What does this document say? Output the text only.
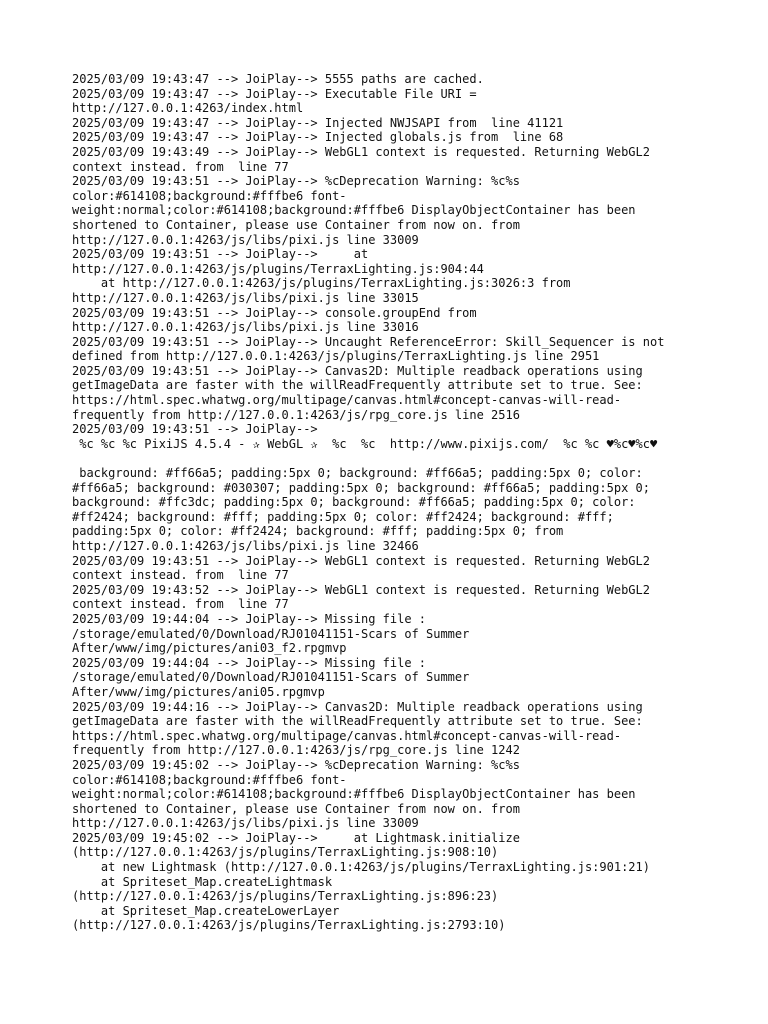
2025/03/09 19:43:47 --> JoiPlay--> 5555 paths are cached.
2025/03/09 19:43:47 --> JoiPlay--> Executable File URI =
http://127.0.0.1:4263/index.html
2025/03/09 19:43:47 --> JoiPlay--> Injected NWJSAPI from  line 41121
2025/03/09 19:43:47 --> JoiPlay--> Injected globals.js from  line 68
2025/03/09 19:43:49 --> JoiPlay--> WebGL1 context is requested. Returning WebGL2
context instead. from  line 77
2025/03/09 19:43:51 --> JoiPlay--> %cDeprecation Warning: %c%s
color:#614108;background:#fffbe6 font-
weight:normal;color:#614108;background:#fffbe6 DisplayObjectContainer has been
shortened to Container, please use Container from now on. from
http://127.0.0.1:4263/js/libs/pixi.js line 33009
2025/03/09 19:43:51 --> JoiPlay-->     at
http://127.0.0.1:4263/js/plugins/TerraxLighting.js:904:44
at http://127.0.0.1:4263/js/plugins/TerraxLighting.js:3026:3 from
http://127.0.0.1:4263/js/libs/pixi.js line 33015
2025/03/09 19:43:51 --> JoiPlay--> console.groupEnd from
http://127.0.0.1:4263/js/libs/pixi.js line 33016
2025/03/09 19:43:51 --> JoiPlay--> Uncaught ReferenceError: Skill_Sequencer is not
defined from http://127.0.0.1:4263/js/plugins/TerraxLighting.js line 2951
2025/03/09 19:43:51 --> JoiPlay--> Canvas2D: Multiple readback operations using
getImageData are faster with the willReadFrequently attribute set to true. See:
https://html.spec.whatwg.org/multipage/canvas.html#concept-canvas-will-read-
frequently from http://127.0.0.1:4263/js/rpg_core.js line 2516
2025/03/09 19:43:51 --> JoiPlay-->
%c %c %c PixiJS 4.5.4 - ✰ WebGL ✰  %c  %c  http://www.pixijs.com/  %c %c ♥%c♥%c♥

background: #ff66a5; padding:5px 0; background: #ff66a5; padding:5px 0; color:
#ff66a5; background: #030307; padding:5px 0; background: #ff66a5; padding:5px 0;
background: #ffc3dc; padding:5px 0; background: #ff66a5; padding:5px 0; color:
#ff2424; background: #fff; padding:5px 0; color: #ff2424; background: #fff;
padding:5px 0; color: #ff2424; background: #fff; padding:5px 0; from
http://127.0.0.1:4263/js/libs/pixi.js line 32466
2025/03/09 19:43:51 --> JoiPlay--> WebGL1 context is requested. Returning WebGL2
context instead. from  line 77
2025/03/09 19:43:52 --> JoiPlay--> WebGL1 context is requested. Returning WebGL2
context instead. from  line 77
2025/03/09 19:44:04 --> JoiPlay--> Missing file :
/storage/emulated/0/Download/RJ01041151-Scars of Summer
After/www/img/pictures/ani03_f2.rpgmvp
2025/03/09 19:44:04 --> JoiPlay--> Missing file :
/storage/emulated/0/Download/RJ01041151-Scars of Summer
After/www/img/pictures/ani05.rpgmvp
2025/03/09 19:44:16 --> JoiPlay--> Canvas2D: Multiple readback operations using
getImageData are faster with the willReadFrequently attribute set to true. See:
https://html.spec.whatwg.org/multipage/canvas.html#concept-canvas-will-read-
frequently from http://127.0.0.1:4263/js/rpg_core.js line 1242
2025/03/09 19:45:02 --> JoiPlay--> %cDeprecation Warning: %c%s
color:#614108;background:#fffbe6 font-
weight:normal;color:#614108;background:#fffbe6 DisplayObjectContainer has been
shortened to Container, please use Container from now on. from
http://127.0.0.1:4263/js/libs/pixi.js line 33009
2025/03/09 19:45:02 --> JoiPlay-->     at Lightmask.initialize
(http://127.0.0.1:4263/js/plugins/TerraxLighting.js:908:10)
at new Lightmask (http://127.0.0.1:4263/js/plugins/TerraxLighting.js:901:21)
at Spriteset_Map.createLightmask
(http://127.0.0.1:4263/js/plugins/TerraxLighting.js:896:23)
at Spriteset_Map.createLowerLayer
(http://127.0.0.1:4263/js/plugins/TerraxLighting.js:2793:10)
